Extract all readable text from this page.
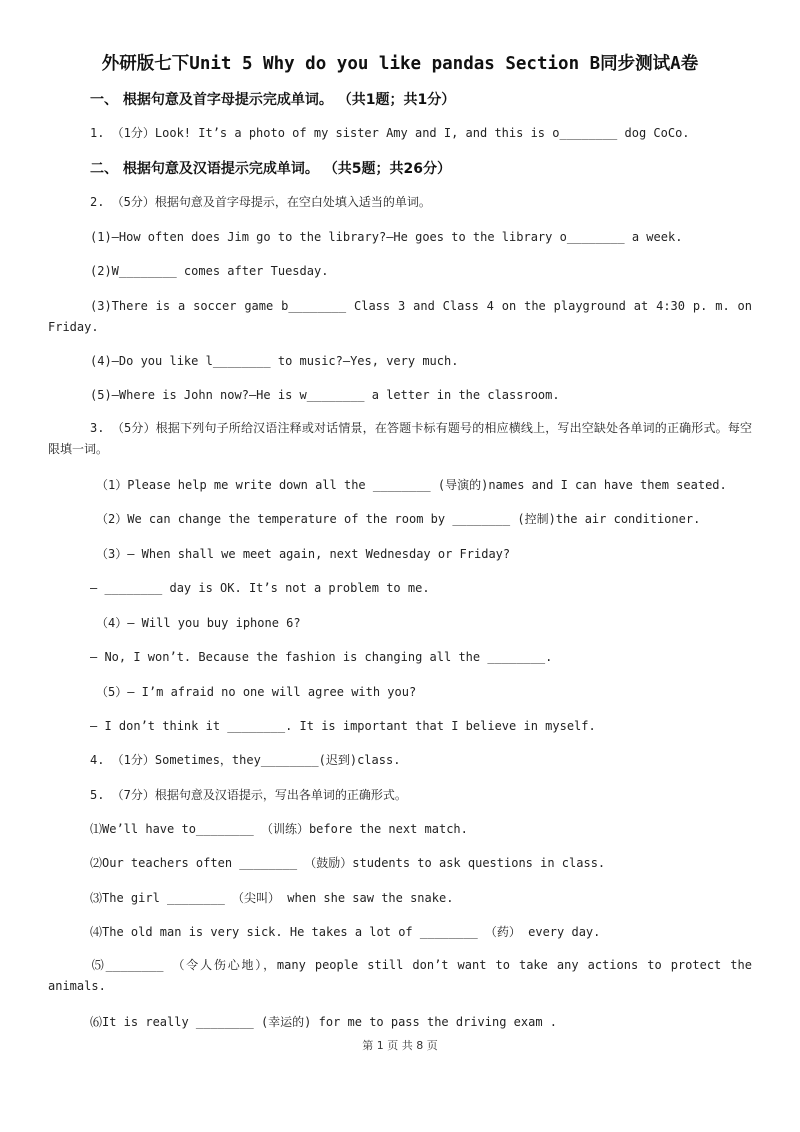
外研版七下Unit 5 Why do you like pandas Section B同步测试A卷
一、 根据句意及首字母提示完成单词。 （共1题；共1分）
1. （1分）Look! It’s a photo of my sister Amy and I, and this is o________ dog CoCo.
二、 根据句意及汉语提示完成单词。 （共5题；共26分）
2. （5分）根据句意及首字母提示，在空白处填入适当的单词。
(1)—How often does Jim go to the library?—He goes to the library o________ a week.
(2)W________ comes after Tuesday.
(3)There is a soccer game b________ Class 3 and Class 4 on the playground at 4:30 p. m. on Friday.
(4)—Do you like l________ to music?—Yes, very much.
(5)—Where is John now?—He is w________ a letter in the classroom.
3. （5分）根据下列句子所给汉语注释或对话情景，在答题卡标有题号的相应横线上，写出空缺处各单词的正确形式。每空限填一词。
（1）Please help me write down all the ________ (导演的)names and I can have them seated.
（2）We can change the temperature of the room by ________ (控制)the air conditioner.
（3）— When shall we meet again, next Wednesday or Friday?
— ________ day is OK. It’s not a problem to me.
（4）— Will you buy iphone 6?
— No, I won’t. Because the fashion is changing all the ________.
（5）— I’m afraid no one will agree with you?
— I don’t think it ________. It is important that I believe in myself.
4. （1分）Sometimes，they________(迟到)class.
5. （7分）根据句意及汉语提示，写出各单词的正确形式。
⑴We’ll have to________ （训练）before the next match.
⑵Our teachers often ________ （鼓励）students to ask questions in class.
⑶The girl ________ （尖叫） when she saw the snake.
⑷The old man is very sick. He takes a lot of ________ （药） every day.
⑸________ （令人伤心地），many people still don’t want to take any actions to protect the animals.
⑹It is really ________ (幸运的) for me to pass the driving exam .
第 1 页 共 8 页
